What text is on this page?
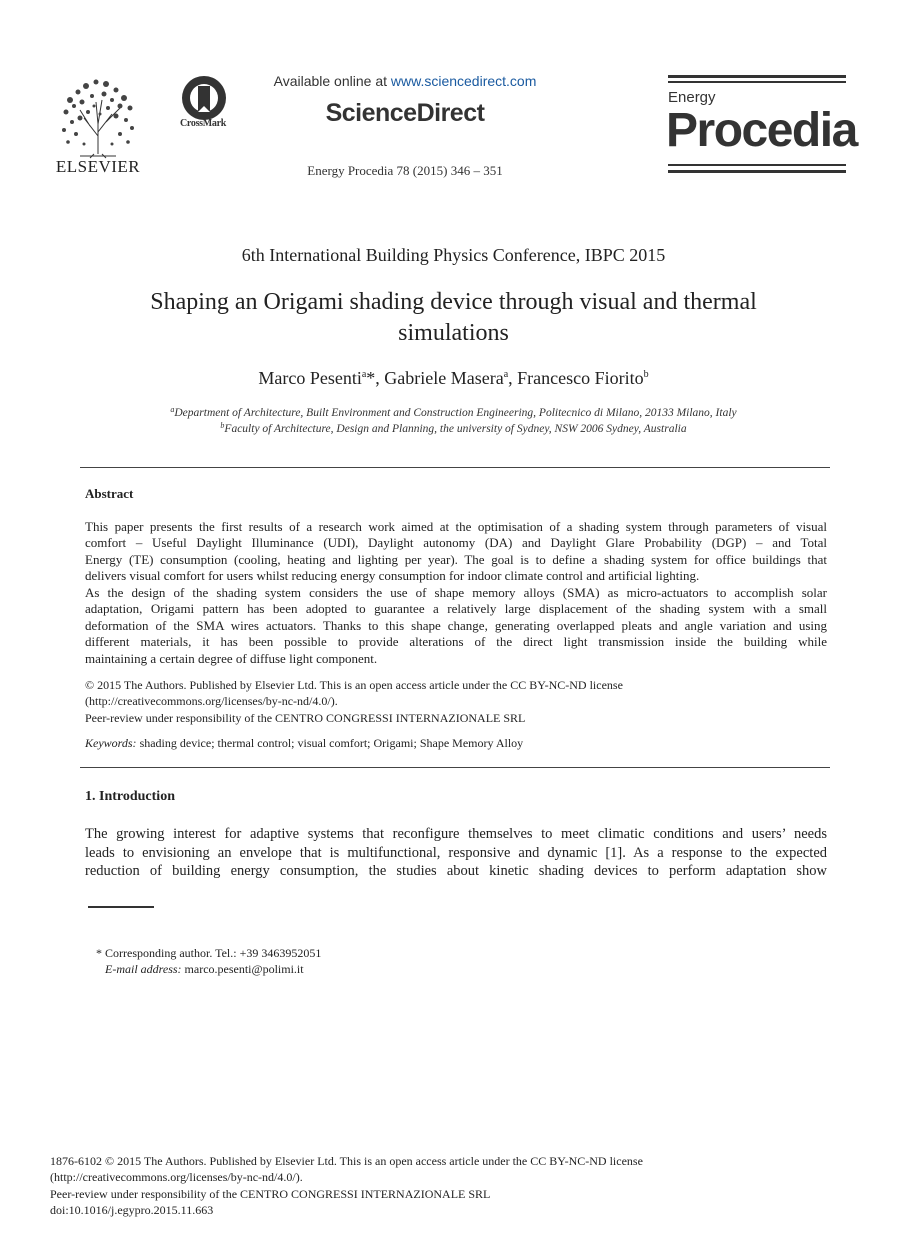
ELSEVIER
CrossMark
Available online at www.sciencedirect.com
ScienceDirect
Energy Procedia 78 (2015) 346 – 351
Energy
Procedia
6th International Building Physics Conference, IBPC 2015
Shaping an Origami shading device through visual and thermal
simulations
Marco Pesenti$^a$*, Gabriele Masera$^a$, Francesco Fiorito$^b$
$^a$Department of Architecture, Built Environment and Construction Engineering, Politecnico di Milano, 20133 Milano, Italy
$^b$Faculty of Architecture, Design and Planning, the university of Sydney, NSW 2006 Sydney, Australia
Abstract
This paper presents the first results of a research work aimed at the optimisation of a shading system through parameters of visual
comfort – Useful Daylight Illuminance (UDI), Daylight autonomy (DA) and Daylight Glare Probability (DGP) – and Total
Energy (TE) consumption (cooling, heating and lighting per year). The goal is to define a shading system for office buildings that
delivers visual comfort for users whilst reducing energy consumption for indoor climate control and artificial lighting.
As the design of the shading system considers the use of shape memory alloys (SMA) as micro-actuators to accomplish solar
adaptation, Origami pattern has been adopted to guarantee a relatively large displacement of the shading system with a small
deformation of the SMA wires actuators. Thanks to this shape change, generating overlapped pleats and angle variation and using
different materials, it has been possible to provide alterations of the direct light transmission inside the building while
maintaining a certain degree of diffuse light component.
© 2015 The Authors. Published by Elsevier Ltd. This is an open access article under the CC BY-NC-ND license
(http://creativecommons.org/licenses/by-nc-nd/4.0/).
Peer-review under responsibility of the CENTRO CONGRESSI INTERNAZIONALE SRL
Keywords: shading device; thermal control; visual comfort; Origami; Shape Memory Alloy
1. Introduction
The growing interest for adaptive systems that reconfigure themselves to meet climatic conditions and users’ needs
leads to envisioning an envelope that is multifunctional, responsive and dynamic [1]. As a response to the expected
reduction of building energy consumption, the studies about kinetic shading devices to perform adaptation show
* Corresponding author. Tel.: +39 3463952051
E-mail address: marco.pesenti@polimi.it
1876-6102 © 2015 The Authors. Published by Elsevier Ltd. This is an open access article under the CC BY-NC-ND license
(http://creativecommons.org/licenses/by-nc-nd/4.0/).
Peer-review under responsibility of the CENTRO CONGRESSI INTERNAZIONALE SRL
doi:10.1016/j.egypro.2015.11.663
